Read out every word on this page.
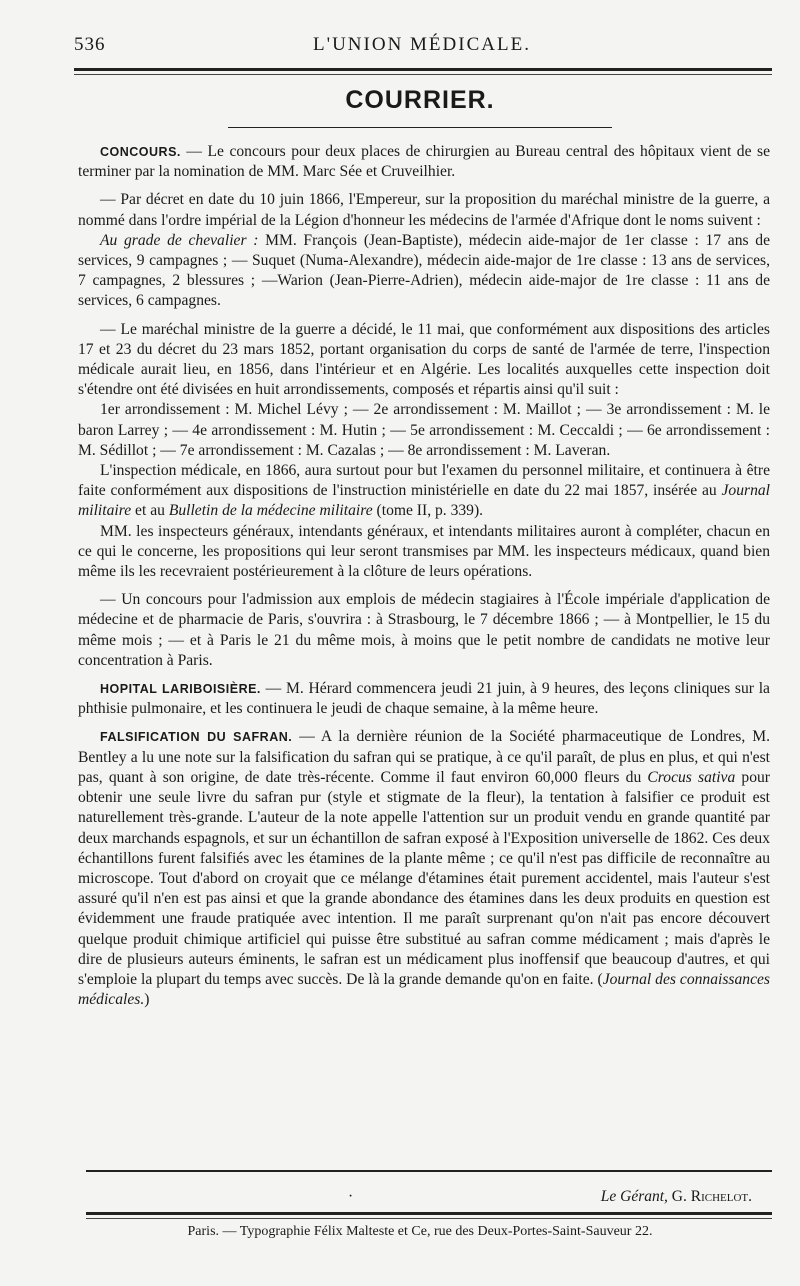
536	L'UNION MÉDICALE.
COURRIER.

CONCOURS. — Le concours pour deux places de chirurgien au Bureau central des hôpitaux vient de se terminer par la nomination de MM. Marc Sée et Cruveilhier.

— Par décret en date du 10 juin 1866, l'Empereur, sur la proposition du maréchal ministre de la guerre, a nommé dans l'ordre impérial de la Légion d'honneur les médecins de l'armée d'Afrique dont le noms suivent :

Au grade de chevalier : MM. François (Jean-Baptiste), médecin aide-major de 1er classe : 17 ans de services, 9 campagnes ; — Suquet (Numa-Alexandre), médecin aide-major de 1re classe : 13 ans de services, 7 campagnes, 2 blessures ; —Warion (Jean-Pierre-Adrien), médecin aide-major de 1re classe : 11 ans de services, 6 campagnes.

— Le maréchal ministre de la guerre a décidé, le 11 mai, que conformément aux dispositions des articles 17 et 23 du décret du 23 mars 1852, portant organisation du corps de santé de l'armée de terre, l'inspection médicale aurait lieu, en 1856, dans l'intérieur et en Algérie. Les localités auxquelles cette inspection doit s'étendre ont été divisées en huit arrondissements, composés et répartis ainsi qu'il suit :

1er arrondissement : M. Michel Lévy ; — 2e arrondissement : M. Maillot ; — 3e arrondissement : M. le baron Larrey ; — 4e arrondissement : M. Hutin ; — 5e arrondissement : M. Ceccaldi ; — 6e arrondissement : M. Sédillot ; — 7e arrondissement : M. Cazalas ; — 8e arrondissement : M. Laveran.

L'inspection médicale, en 1866, aura surtout pour but l'examen du personnel militaire, et continuera à être faite conformément aux dispositions de l'instruction ministérielle en date du 22 mai 1857, insérée au Journal militaire et au Bulletin de la médecine militaire (tome II, p. 339).

MM. les inspecteurs généraux, intendants généraux, et intendants militaires auront à compléter, chacun en ce qui le concerne, les propositions qui leur seront transmises par MM. les inspecteurs médicaux, quand bien même ils les recevraient postérieurement à la clôture de leurs opérations.

— Un concours pour l'admission aux emplois de médecin stagiaires à l'École impériale d'application de médecine et de pharmacie de Paris, s'ouvrira : à Strasbourg, le 7 décembre 1866 ; — à Montpellier, le 15 du même mois ; — et à Paris le 21 du même mois, à moins que le petit nombre de candidats ne motive leur concentration à Paris.

HOPITAL LARIBOISIÈRE. — M. Hérard commencera jeudi 21 juin, à 9 heures, des leçons cliniques sur la phthisie pulmonaire, et les continuera le jeudi de chaque semaine, à la même heure.

FALSIFICATION DU SAFRAN. — A la dernière réunion de la Société pharmaceutique de Londres, M. Bentley a lu une note sur la falsification du safran qui se pratique, à ce qu'il paraît, de plus en plus, et qui n'est pas, quant à son origine, de date très-récente. Comme il faut environ 60,000 fleurs du Crocus sativa pour obtenir une seule livre du safran pur (style et stigmate de la fleur), la tentation à falsifier ce produit est naturellement très-grande. L'auteur de la note appelle l'attention sur un produit vendu en grande quantité par deux marchands espagnols, et sur un échantillon de safran exposé à l'Exposition universelle de 1862. Ces deux échantillons furent falsifiés avec les étamines de la plante même ; ce qu'il n'est pas difficile de reconnaître au microscope. Tout d'abord on croyait que ce mélange d'étamines était purement accidentel, mais l'auteur s'est assuré qu'il n'en est pas ainsi et que la grande abondance des étamines dans les deux produits en question est évidemment une fraude pratiquée avec intention. Il me paraît surprenant qu'on n'ait pas encore découvert quelque produit chimique artificiel qui puisse être substitué au safran comme médicament ; mais d'après le dire de plusieurs auteurs éminents, le safran est un médicament plus inoffensif que beaucoup d'autres, et qui s'emploie la plupart du temps avec succès. De là la grande demande qu'on en faite. (Journal des connaissances médicales.)

·	Le Gérant, G. Richelot.
Paris. — Typographie Félix Malteste et Ce, rue des Deux-Portes-Saint-Sauveur 22.
